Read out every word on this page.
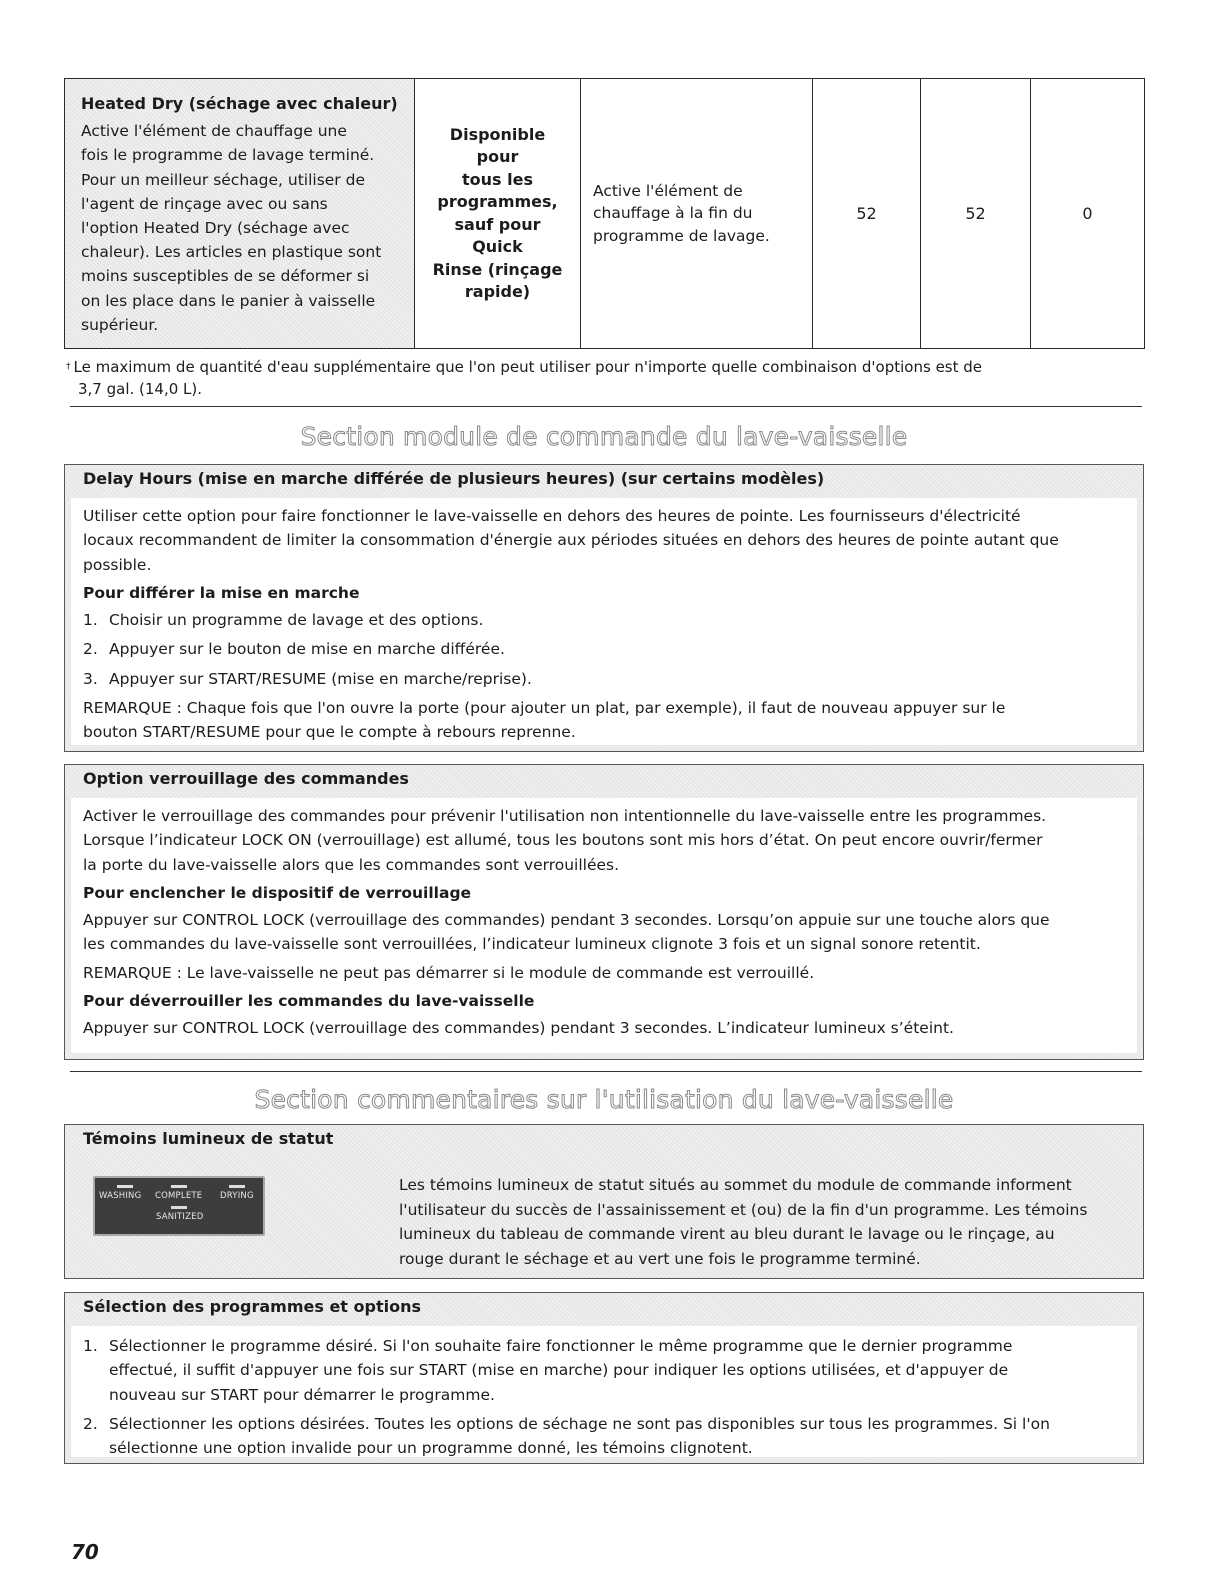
Heated Dry (séchage avec chaleur)
Active l'élément de chauffage une
fois le programme de lavage terminé.
Pour un meilleur séchage, utiliser de
l'agent de rinçage avec ou sans
l'option Heated Dry (séchage avec
chaleur). Les articles en plastique sont
moins susceptibles de se déformer si
on les place dans le panier à vaisselle
supérieur.

Disponible pour
tous les
programmes,
sauf pour Quick
Rinse (rinçage
rapide)

Active l'élément de
chauffage à la fin du
programme de lavage.
	52	52	0
† Le maximum de quantité d'eau supplémentaire que l'on peut utiliser pour n'importe quelle combinaison d'options est de
3,7 gal. (14,0 L).
Section module de commande du lave-vaisselle
Delay Hours (mise en marche différée de plusieurs heures) (sur certains modèles)

Utiliser cette option pour faire fonctionner le lave-vaisselle en dehors des heures de pointe. Les fournisseurs d'électricité
locaux recommandent de limiter la consommation d'énergie aux périodes situées en dehors des heures de pointe autant que
possible.

Pour différer la mise en marche
1. Choisir un programme de lavage et des options.
2. Appuyer sur le bouton de mise en marche différée.
3. Appuyer sur START/RESUME (mise en marche/reprise).

REMARQUE : Chaque fois que l'on ouvre la porte (pour ajouter un plat, par exemple), il faut de nouveau appuyer sur le
bouton START/RESUME pour que le compte à rebours reprenne.

Option verrouillage des commandes

Activer le verrouillage des commandes pour prévenir l'utilisation non intentionnelle du lave-vaisselle entre les programmes.
Lorsque l’indicateur LOCK ON (verrouillage) est allumé, tous les boutons sont mis hors d’état. On peut encore ouvrir/fermer
la porte du lave-vaisselle alors que les commandes sont verrouillées.

Pour enclencher le dispositif de verrouillage

Appuyer sur CONTROL LOCK (verrouillage des commandes) pendant 3 secondes. Lorsqu’on appuie sur une touche alors que
les commandes du lave-vaisselle sont verrouillées, l’indicateur lumineux clignote 3 fois et un signal sonore retentit.

REMARQUE : Le lave-vaisselle ne peut pas démarrer si le module de commande est verrouillé.

Pour déverrouiller les commandes du lave-vaisselle

Appuyer sur CONTROL LOCK (verrouillage des commandes) pendant 3 secondes. L’indicateur lumineux s’éteint.

Section commentaires sur l'utilisation du lave-vaisselle
Témoins lumineux de statut
WASHING COMPLETE DRYING
SANITIZED
Les témoins lumineux de statut situés au sommet du module de commande informent
l'utilisateur du succès de l'assainissement et (ou) de la fin d'un programme. Les témoins
lumineux du tableau de commande virent au bleu durant le lavage ou le rinçage, au
rouge durant le séchage et au vert une fois le programme terminé.
Sélection des programmes et options
1. Sélectionner le programme désiré. Si l'on souhaite faire fonctionner le même programme que le dernier programme
effectué, il suffit d'appuyer une fois sur START (mise en marche) pour indiquer les options utilisées, et d'appuyer de
nouveau sur START pour démarrer le programme.
2. Sélectionner les options désirées. Toutes les options de séchage ne sont pas disponibles sur tous les programmes. Si l'on
sélectionne une option invalide pour un programme donné, les témoins clignotent.
70
